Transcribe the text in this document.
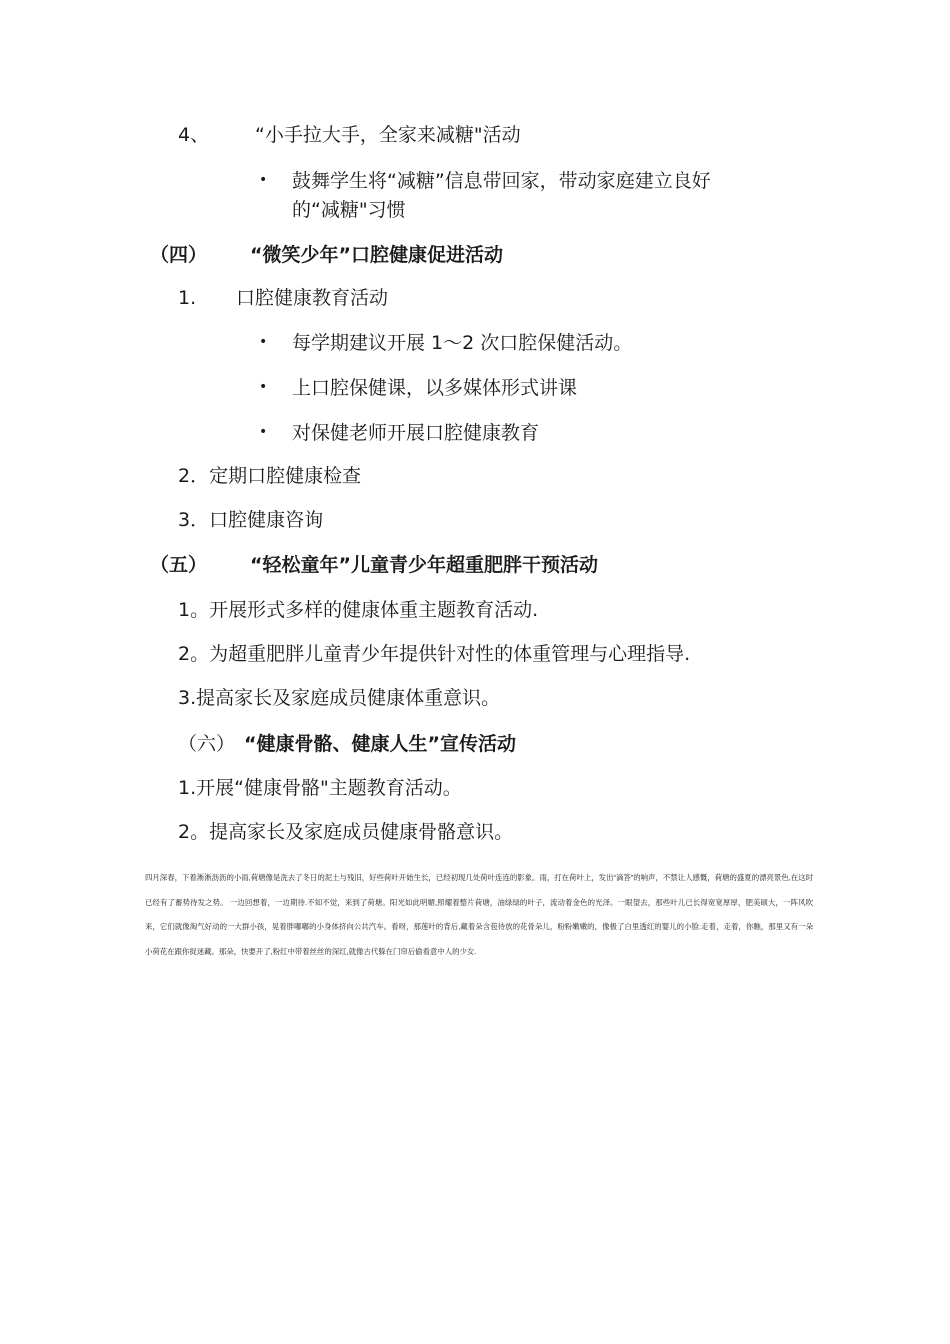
4、 “小手拉大手，全家来减糖"活动
• 鼓舞学生将“减糖”信息带回家，带动家庭建立良好
的“减糖"习惯
（四） “微笑少年”口腔健康促进活动
1. 口腔健康教育活动
• 每学期建议开展 1～2 次口腔保健活动。
• 上口腔保健课，以多媒体形式讲课
• 对保健老师开展口腔健康教育
2．定期口腔健康检查
3．口腔健康咨询
（五） “轻松童年”儿童青少年超重肥胖干预活动
1。开展形式多样的健康体重主题教育活动.
2。为超重肥胖儿童青少年提供针对性的体重管理与心理指导.
3.提高家长及家庭成员健康体重意识。
（六） “健康骨骼、健康人生”宣传活动
1.开展“健康骨骼"主题教育活动。
2。提高家长及家庭成员健康骨骼意识。
四月深春，下着淅淅沥沥的小雨,荷塘像是洗去了冬日的泥土与残旧，好些荷叶开始生长，已经初现几处荷叶连连的影象。雨，打在荷叶上，发出“滴答”的响声，不禁让人感慨，荷塘的盛夏的漂亮景色,在这时已经有了蓄势待发之势。 一边回想着，一边期待.不知不觉，来到了荷塘。阳光如此明媚,照耀着整片荷塘，油绿绿的叶子，流动着金色的光泽。一眼望去，那些叶儿已长得宽宽厚厚，肥美硕大，一阵风吹来，它们就像淘气好动的一大群小孩，晃着胖嘟嘟的小身体挤向公共汽车。看呀，那莲叶的背后,藏着朵含苞待放的花骨朵儿，粉粉嫩嫩的，像极了白里透红的婴儿的小脸.走着，走着，你瞧，那里又有一朵小荷花在跟你捉迷藏。那朵，快要开了,粉红中带着丝丝的深红,就像古代躲在门帘后偷看意中人的少女.
